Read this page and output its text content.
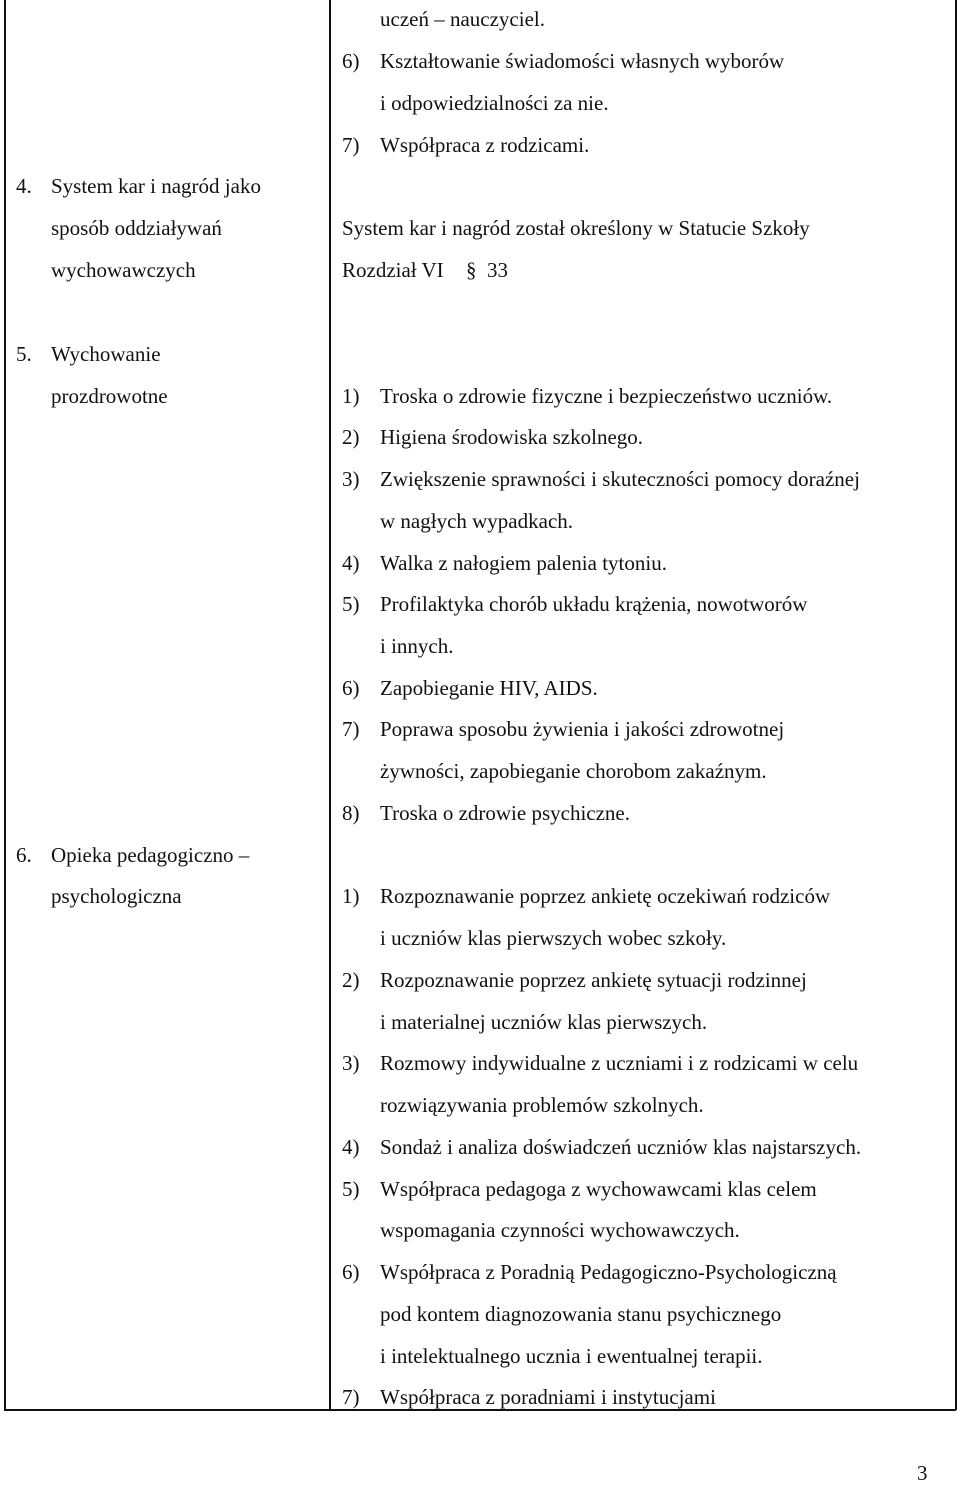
uczeń – nauczyciel.
6) Kształtowanie świadomości własnych wyborów
i odpowiedzialności za nie.
7) Współpraca z rodzicami.
4. System kar i nagród jako
sposób oddziaływań
wychowawczych
System kar i nagród został określony w Statucie Szkoły
Rozdział VI § 33
5. Wychowanie
prozdrowotne	1) Troska o zdrowie fizyczne i bezpieczeństwo uczniów.
2) Higiena środowiska szkolnego.
3) Zwiększenie sprawności i skuteczności pomocy doraźnej
w nagłych wypadkach.
4) Walka z nałogiem palenia tytoniu.
5) Profilaktyka chorób układu krążenia, nowotworów
i innych.
6) Zapobieganie HIV, AIDS.
7) Poprawa sposobu żywienia i jakości zdrowotnej
żywności, zapobieganie chorobom zakaźnym.
8) Troska o zdrowie psychiczne.
6. Opieka pedagogiczno –
psychologiczna	1) Rozpoznawanie poprzez ankietę oczekiwań rodziców
i uczniów klas pierwszych wobec szkoły.
2) Rozpoznawanie poprzez ankietę sytuacji rodzinnej
i materialnej uczniów klas pierwszych.
3) Rozmowy indywidualne z uczniami i z rodzicami w celu
rozwiązywania problemów szkolnych.
4) Sondaż i analiza doświadczeń uczniów klas najstarszych.
5) Współpraca pedagoga z wychowawcami klas celem
wspomagania czynności wychowawczych.
6) Współpraca z Poradnią Pedagogiczno-Psychologiczną
pod kontem diagnozowania stanu psychicznego
i intelektualnego ucznia i ewentualnej terapii.
7) Współpraca z poradniami i instytucjami
3
